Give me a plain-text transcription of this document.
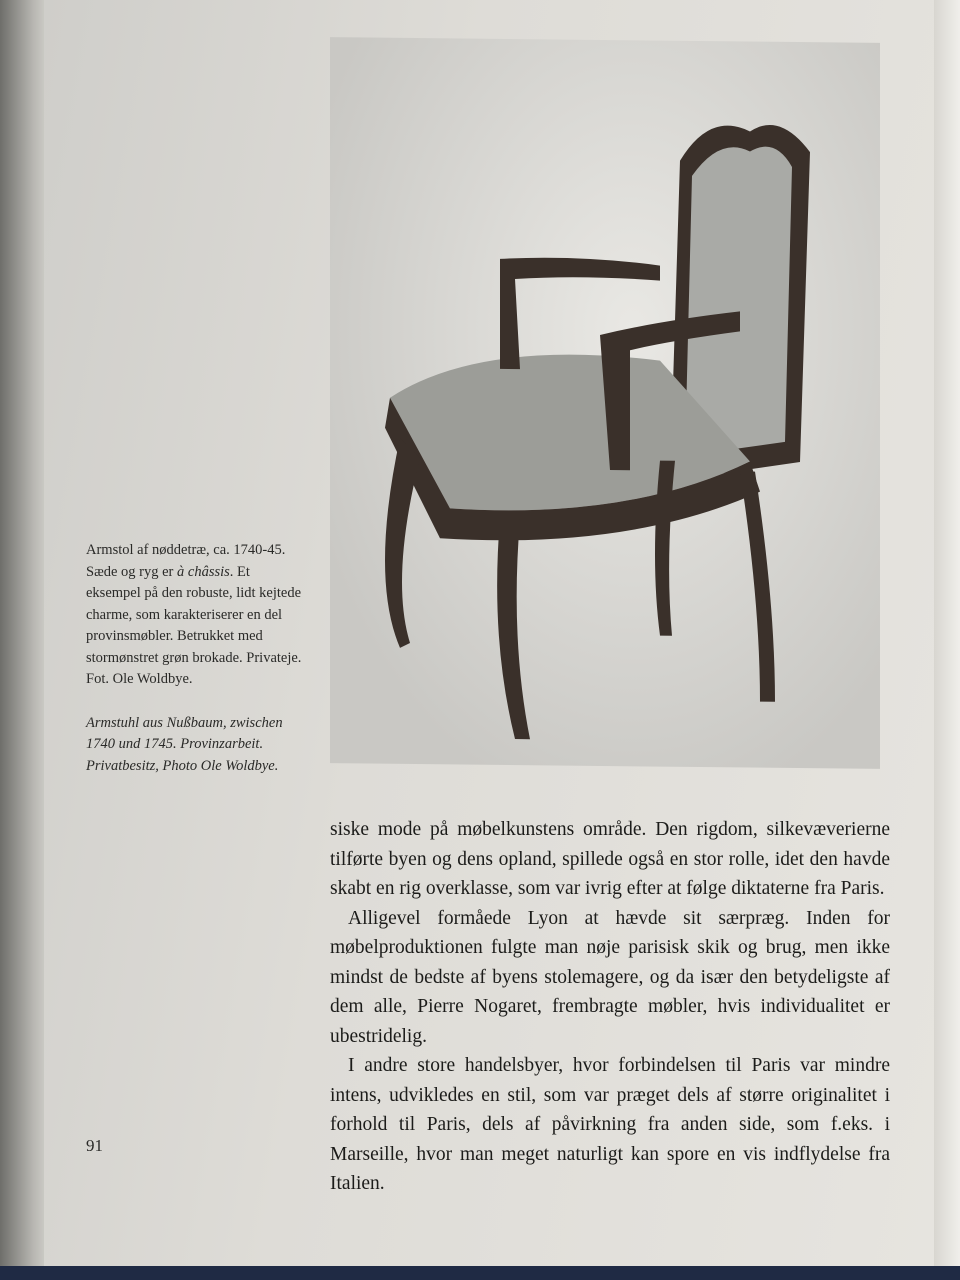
Armstol af nøddetræ, ca. 1740-45. Sæde og ryg er à châssis. Et eksempel på den robuste, lidt kejtede charme, som karakteriserer en del provinsmøbler. Betrukket med stormønstret grøn brokade. Privateje.

Fot. Ole Woldbye.

Armstuhl aus Nußbaum, zwischen 1740 und 1745. Provinzarbeit. Privatbesitz, Photo Ole Woldbye.

siske mode på møbelkunstens område. Den rigdom, silkevæverierne tilførte byen og dens opland, spillede også en stor rolle, idet den havde skabt en rig overklasse, som var ivrig efter at følge diktaterne fra Paris.

Alligevel formåede Lyon at hævde sit særpræg. Inden for møbelproduktionen fulgte man nøje parisisk skik og brug, men ikke mindst de bedste af byens stolemagere, og da især den betydeligste af dem alle, Pierre Nogaret, frembragte møbler, hvis individualitet er ubestridelig.

I andre store handelsbyer, hvor forbindelsen til Paris var mindre intens, udvikledes en stil, som var præget dels af større originalitet i forhold til Paris, dels af påvirkning fra anden side, som f.eks. i Marseille, hvor man meget naturligt kan spore en vis indflydelse fra Italien.

91
